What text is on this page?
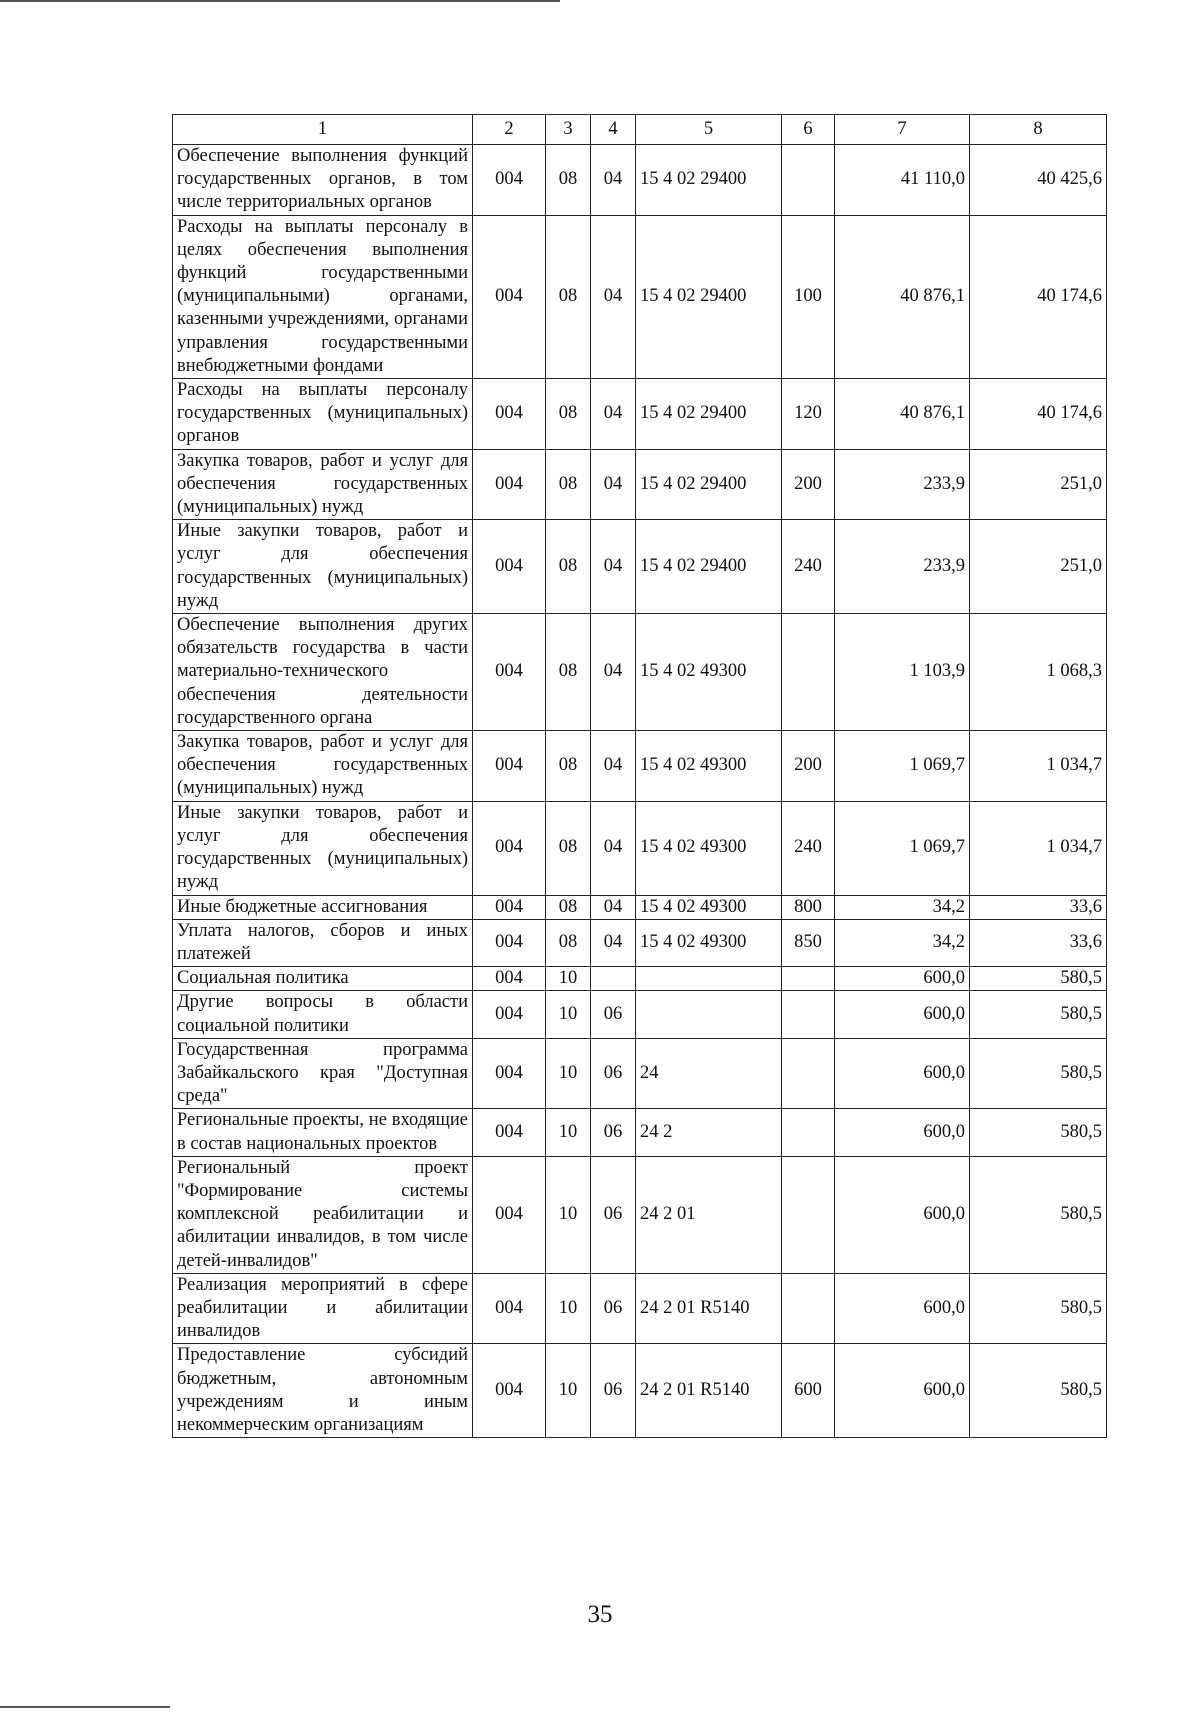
1	2	3	4	5	6	7	8
Обеспечение выполнения функций государственных органов, в том числе территориальных органов	004	08	04	15 4 02 29400		41 110,0	40 425,6
Расходы на выплаты персоналу в целях обеспечения выполнения функций государственными (муниципальными) органами, казенными учреждениями, органами управления государственными внебюджетными фондами	004	08	04	15 4 02 29400	100	40 876,1	40 174,6
Расходы на выплаты персоналу государственных (муниципальных) органов	004	08	04	15 4 02 29400	120	40 876,1	40 174,6
Закупка товаров, работ и услуг для обеспечения государственных (муниципальных) нужд	004	08	04	15 4 02 29400	200	233,9	251,0
Иные закупки товаров, работ и услуг для обеспечения государственных (муниципальных) нужд	004	08	04	15 4 02 29400	240	233,9	251,0
Обеспечение выполнения других обязательств государства в части материально-технического обеспечения деятельности государственного органа	004	08	04	15 4 02 49300		1 103,9	1 068,3
Закупка товаров, работ и услуг для обеспечения государственных (муниципальных) нужд	004	08	04	15 4 02 49300	200	1 069,7	1 034,7
Иные закупки товаров, работ и услуг для обеспечения государственных (муниципальных) нужд	004	08	04	15 4 02 49300	240	1 069,7	1 034,7
Иные бюджетные ассигнования	004	08	04	15 4 02 49300	800	34,2	33,6
Уплата налогов, сборов и иных платежей	004	08	04	15 4 02 49300	850	34,2	33,6
Социальная политика	004	10				600,0	580,5
Другие вопросы в области социальной политики	004	10	06			600,0	580,5
Государственная программа Забайкальского края "Доступная среда"	004	10	06	24		600,0	580,5
Региональные проекты, не входящие в состав национальных проектов	004	10	06	24 2		600,0	580,5
Региональный проект "Формирование системы комплексной реабилитации и абилитации инвалидов, в том числе детей-инвалидов"	004	10	06	24 2 01		600,0	580,5
Реализация мероприятий в сфере реабилитации и абилитации инвалидов	004	10	06	24 2 01 R5140		600,0	580,5
Предоставление субсидий бюджетным, автономным учреждениям и иным некоммерческим организациям	004	10	06	24 2 01 R5140	600	600,0	580,5
35
